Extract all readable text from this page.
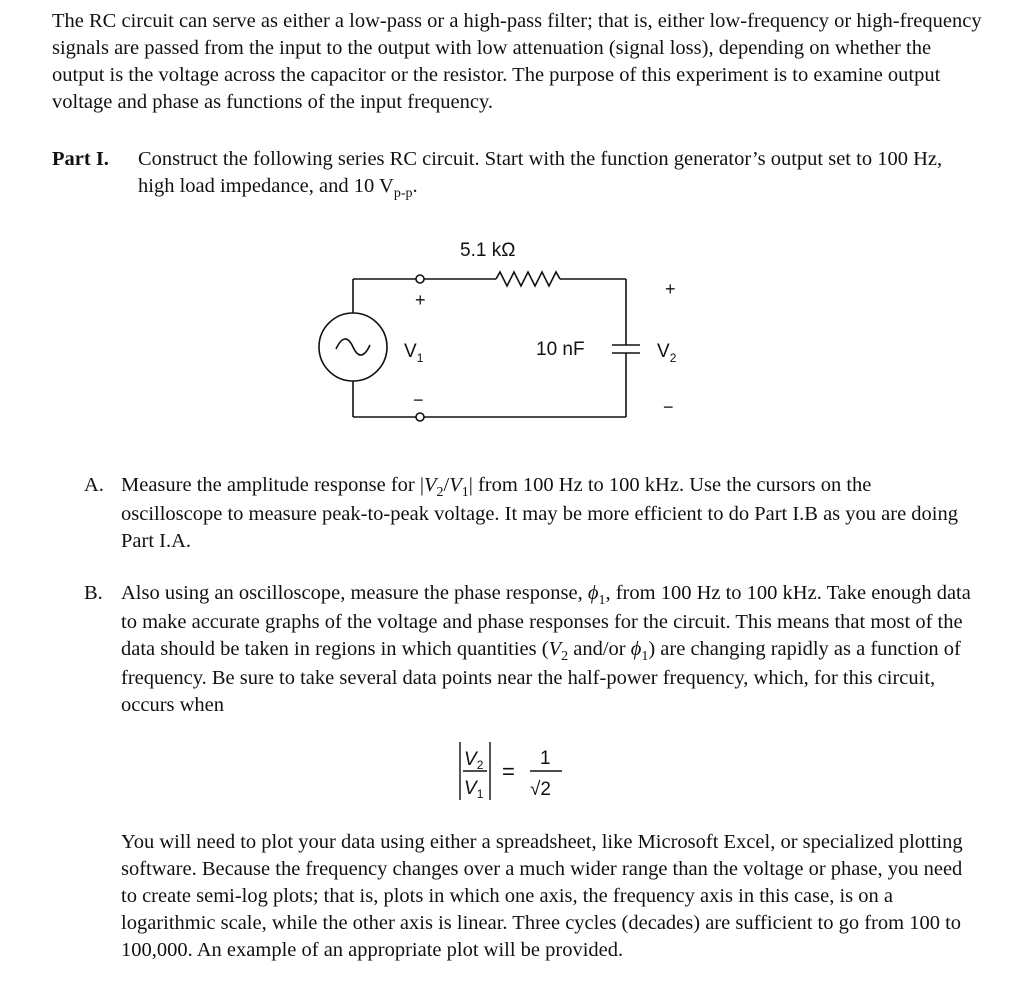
The RC circuit can serve as either a low-pass or a high-pass filter; that is, either low-frequency or high-frequency signals are passed from the input to the output with low attenuation (signal loss), depending on whether the output is the voltage across the capacitor or the resistor. The purpose of this experiment is to examine output voltage and phase as functions of the input frequency.

Part I. Construct the following series RC circuit. Start with the function generator’s output set to 100 Hz, high load impedance, and 10 $V_{p-p}$.
5.1 kΩ
+
−
$V_1$	10 nF
+
−
$V_2$
A. Measure the amplitude response for $|V_2/V_1|$ from 100 Hz to 100 kHz. Use the cursors on the oscilloscope to measure peak-to-peak voltage. It may be more efficient to do Part I.B as you are doing Part I.A.
B. Also using an oscilloscope, measure the phase response, $\phi_1$, from 100 Hz to 100 kHz. Take enough data to make accurate graphs of the voltage and phase responses for the circuit. This means that most of the data should be taken in regions in which quantities ($V_2$ and/or $\phi_1$) are changing rapidly as a function of frequency. Be sure to take several data points near the half-power frequency, which, for this circuit, occurs when
$V_2$
$V_1$
=
1
√2

You will need to plot your data using either a spreadsheet, like Microsoft Excel, or specialized plotting software. Because the frequency changes over a much wider range than the voltage or phase, you need to create semi-log plots; that is, plots in which one axis, the frequency axis in this case, is on a logarithmic scale, while the other axis is linear. Three cycles (decades) are sufficient to go from 100 to 100,000. An example of an appropriate plot will be provided.
